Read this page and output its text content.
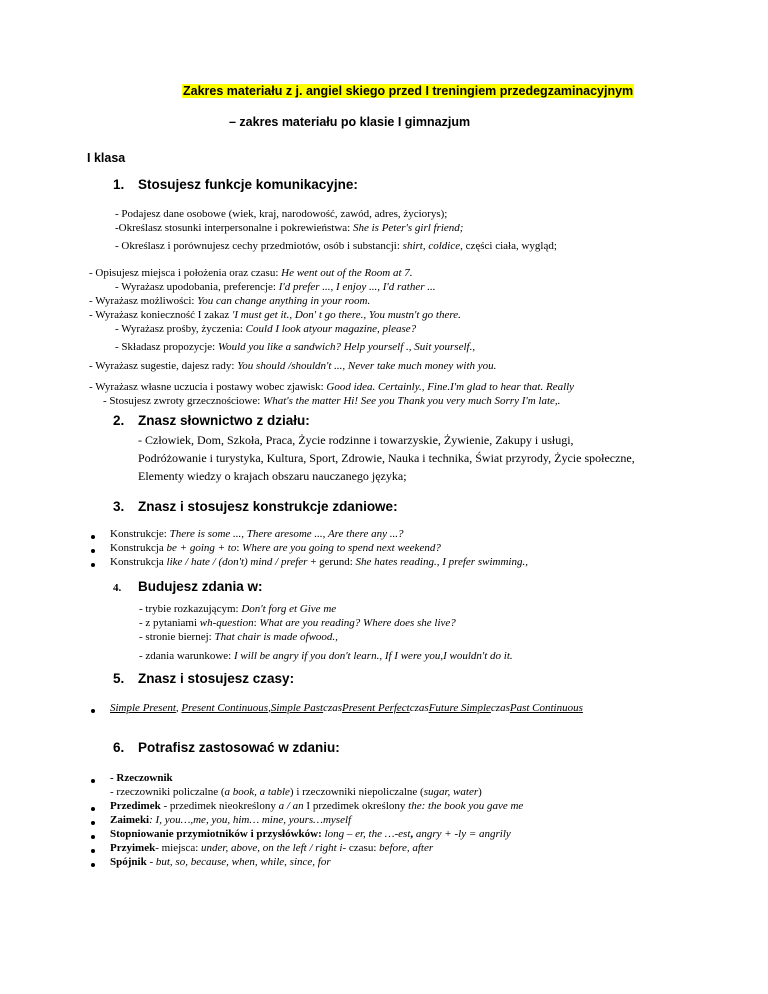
Zakres materiału z j. angiel skiego przed I treningiem przedegzaminacyjnym
– zakres materiału po klasie I gimnazjum
I klasa
1. Stosujesz funkcje komunikacyjne:
- Podajesz dane osobowe (wiek, kraj, narodowość, zawód, adres, życiorys);
-Określasz stosunki interpersonalne i pokrewieństwa: She is Peter's girl friend;
- Określasz i porównujesz cechy przedmiotów, osób i substancji: shirt, coldice, części ciała, wygląd;
- Opisujesz miejsca i położenia oraz czasu: He went out of the Room at 7.
- Wyrażasz upodobania, preferencje: I'd prefer ..., I enjoy ..., I'd rather ...
- Wyrażasz możliwości: You can change anything in your room.
- Wyrażasz konieczność I zakaz 'I must get it., Don' t go there., You mustn't go there.
- Wyrażasz prośby, życzenia: Could I look atyour magazine, please?
- Składasz propozycje: Would you like a sandwich? Help yourself ., Suit yourself.,
- Wyrażasz sugestie, dajesz rady: You should /shouldn't ..., Never take much money with you.
- Wyrażasz własne uczucia i postawy wobec zjawisk: Good idea. Certainly., Fine.I'm glad to hear that. Really
- Stosujesz zwroty grzecznościowe: What's the matter Hi! See you Thank you very much Sorry I'm late,.
2. Znasz słownictwo z działu:
- Człowiek, Dom, Szkoła, Praca, Życie rodzinne i towarzyskie, Żywienie, Zakupy i usługi,
Podróżowanie i turystyka, Kultura, Sport, Zdrowie, Nauka i technika, Świat przyrody, Życie społeczne,
Elementy wiedzy o krajach obszaru nauczanego języka;
3. Znasz i stosujesz konstrukcje zdaniowe:
Konstrukcje: There is some ..., There aresome ..., Are there any ...?
Konstrukcja be + going + to: Where are you going to spend next weekend?
Konstrukcja like / hate / (don't) mind / prefer + gerund: She hates reading., I prefer swimming.,
4. Budujesz zdania w:
- trybie rozkazującym: Don't forg et Give me
- z pytaniami wh-question: What are you reading? Where does she live?
- stronie biernej: That chair is made ofwood.,
- zdania warunkowe: I will be angry if you don't learn., If I were you,I wouldn't do it.
5. Znasz i stosujesz czasy:
Simple Present, Present Continuous,Simple PastczasPresent PerfectczasFuture SimpleczasPast Continuous
6. Potrafisz zastosować w zdaniu:
- Rzeczownik
- rzeczowniki policzalne (a book, a table) i rzeczowniki niepoliczalne (sugar, water)
Przedimek - przedimek nieokreślony a / an I przedimek określony the: the book you gave me
Zaimeki: I, you…,me, you, him… mine, yours…myself
Stopniowanie przymiotników i przysłówków: long – er, the …-est, angry + -ly = angrily
Przyimek- miejsca: under, above, on the left / right i- czasu: before, after
Spójnik - but, so, because, when, while, since, for
